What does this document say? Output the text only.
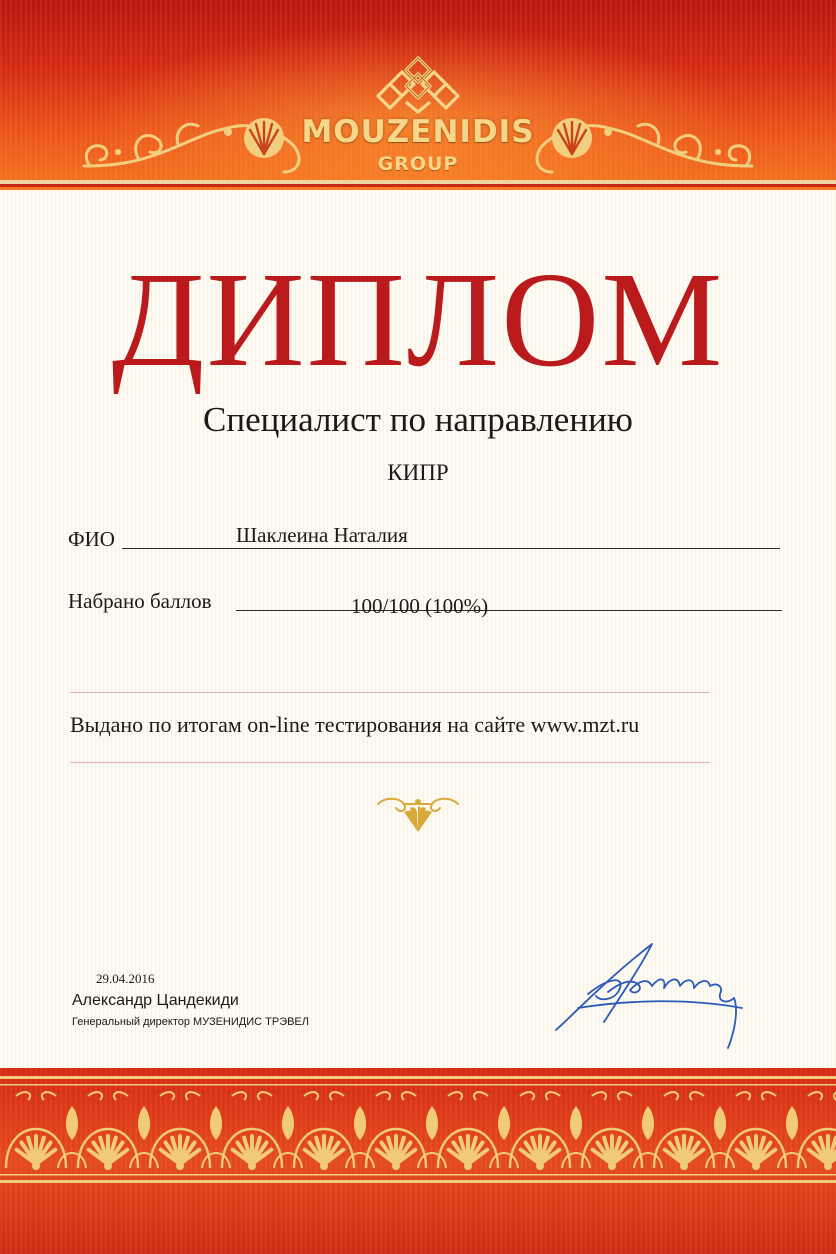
MOUZENIDIS
GROUP
ДИПЛОМ
Специалист по направлению
КИПР
ФИО	Шаклеина Наталия
Набрано баллов	100/100 (100%)
Выдано по итогам on-line тестирования на сайте www.mzt.ru
29.04.2016
Александр Цандекиди
Генеральный директор МУЗЕНИДИС ТРЭВЕЛ
